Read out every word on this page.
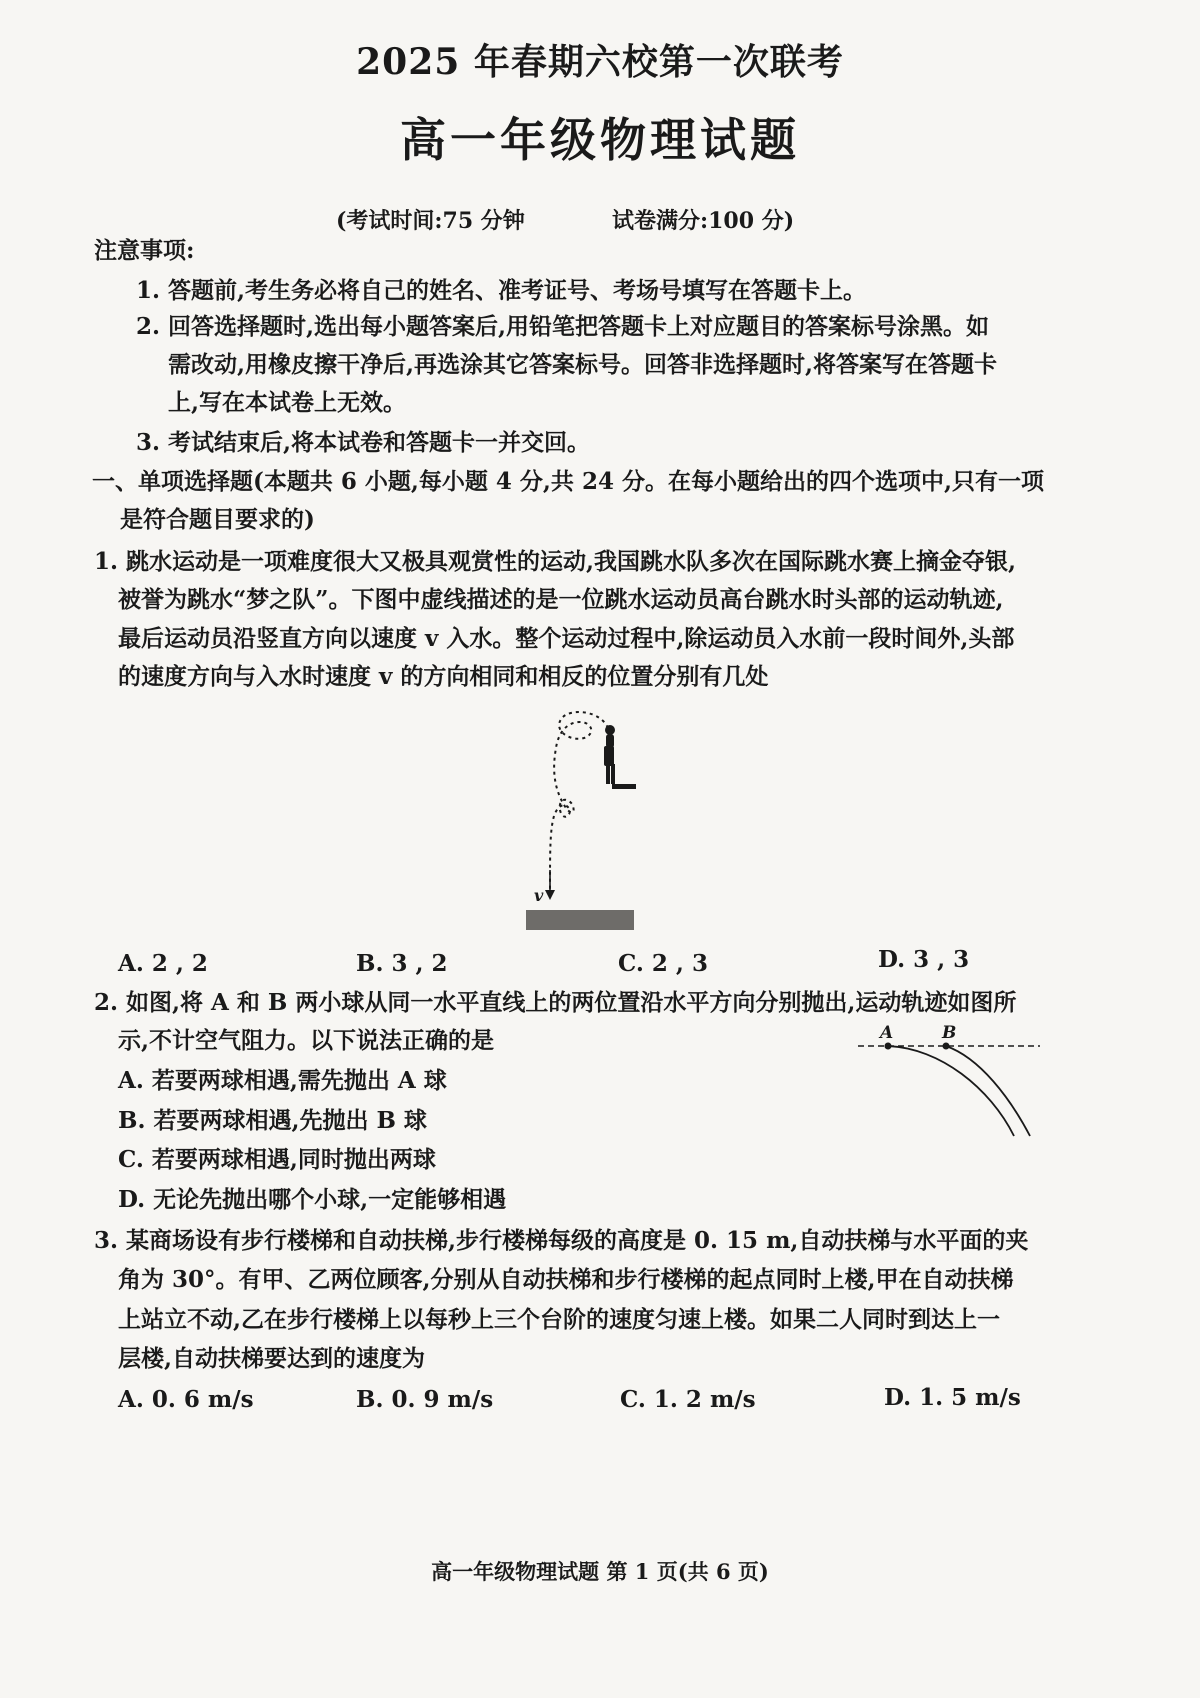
2025 年春期六校第一次联考
高一年级物理试题
(考试时间:75 分钟	试卷满分:100 分)
注意事项:
1. 答题前,考生务必将自己的姓名、准考证号、考场号填写在答题卡上。
2. 回答选择题时,选出每小题答案后,用铅笔把答题卡上对应题目的答案标号涂黑。如
需改动,用橡皮擦干净后,再选涂其它答案标号。回答非选择题时,将答案写在答题卡
上,写在本试卷上无效。
3. 考试结束后,将本试卷和答题卡一并交回。
一、单项选择题(本题共 6 小题,每小题 4 分,共 24 分。在每小题给出的四个选项中,只有一项
是符合题目要求的)
1. 跳水运动是一项难度很大又极具观赏性的运动,我国跳水队多次在国际跳水赛上摘金夺银,
被誉为跳水“梦之队”。下图中虚线描述的是一位跳水运动员高台跳水时头部的运动轨迹,
最后运动员沿竖直方向以速度 v 入水。整个运动过程中,除运动员入水前一段时间外,头部
的速度方向与入水时速度 v 的方向相同和相反的位置分别有几处
v
A. 2 , 2	B. 3 , 2	C. 2 , 3	D. 3 , 3
2. 如图,将 A 和 B 两小球从同一水平直线上的两位置沿水平方向分别抛出,运动轨迹如图所
示,不计空气阻力。以下说法正确的是	A	B
A. 若要两球相遇,需先抛出 A 球
B. 若要两球相遇,先抛出 B 球
C. 若要两球相遇,同时抛出两球
D. 无论先抛出哪个小球,一定能够相遇
3. 某商场设有步行楼梯和自动扶梯,步行楼梯每级的高度是 0. 15 m,自动扶梯与水平面的夹
角为 30°。有甲、乙两位顾客,分别从自动扶梯和步行楼梯的起点同时上楼,甲在自动扶梯
上站立不动,乙在步行楼梯上以每秒上三个台阶的速度匀速上楼。如果二人同时到达上一
层楼,自动扶梯要达到的速度为
A. 0. 6 m/s	B. 0. 9 m/s	C. 1. 2 m/s	D. 1. 5 m/s
高一年级物理试题 第 1 页(共 6 页)
